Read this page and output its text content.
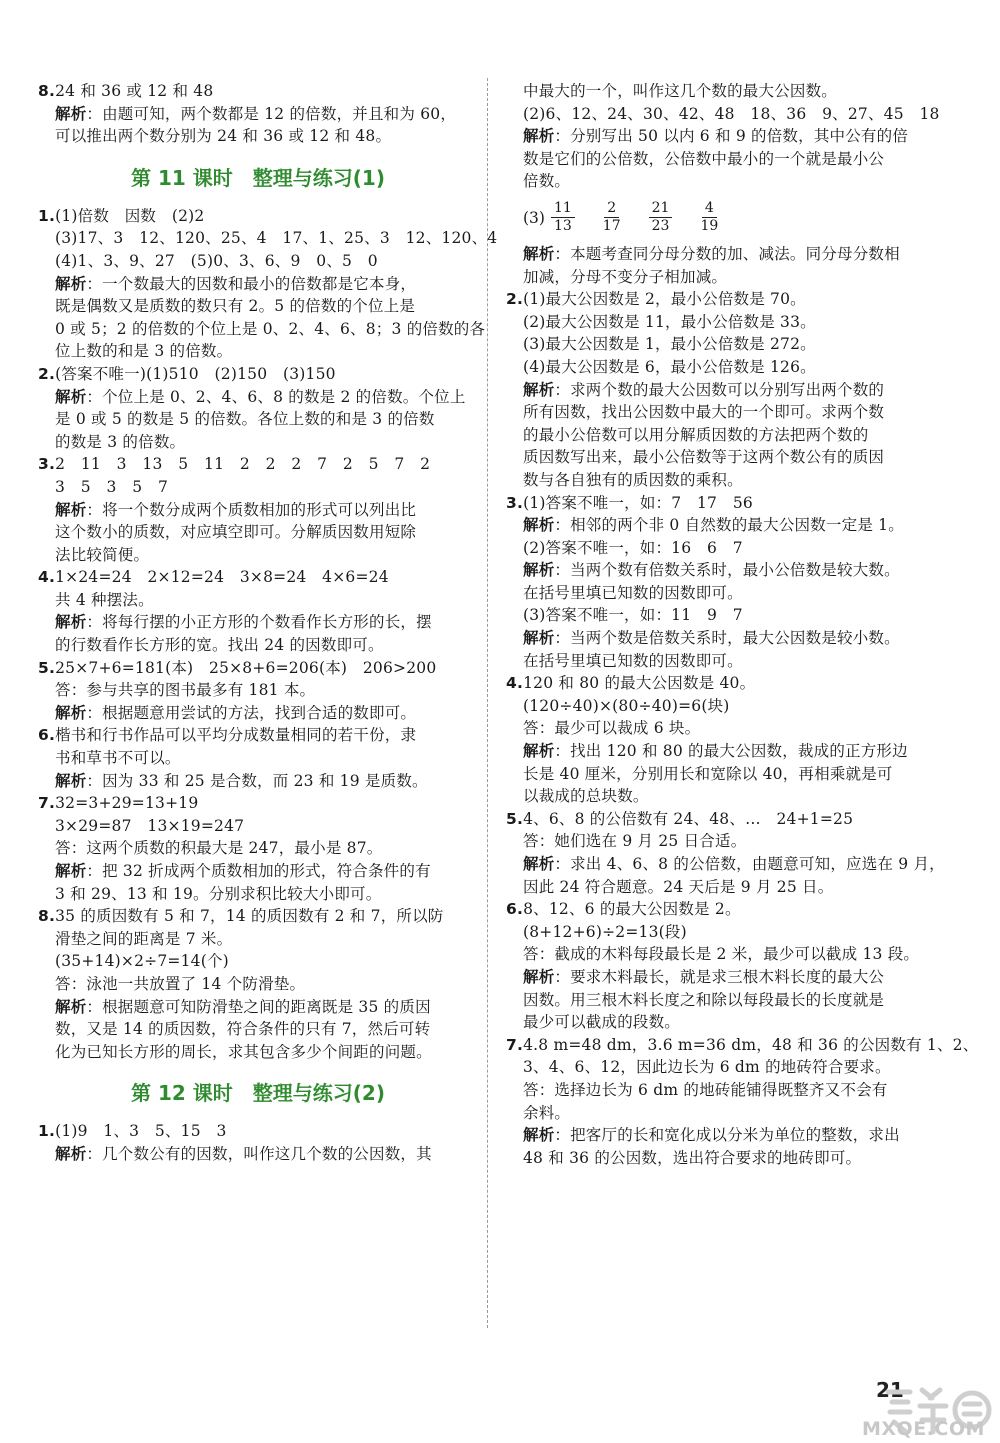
8.24 和 36 或 12 和 48
解析：由题可知，两个数都是 12 的倍数，并且和为 60，
可以推出两个数分别为 24 和 36 或 12 和 48。
第 11 课时　整理与练习(1)
1.(1)倍数　因数　(2)2
(3)17、3　12、120、25、4　17、1、25、3　12、120、4
(4)1、3、9、27　(5)0、3、6、9　0、5　0
解析：一个数最大的因数和最小的倍数都是它本身，
既是偶数又是质数的数只有 2。5 的倍数的个位上是
0 或 5；2 的倍数的个位上是 0、2、4、6、8；3 的倍数的各
位上数的和是 3 的倍数。
2.(答案不唯一)(1)510　(2)150　(3)150
解析：个位上是 0、2、4、6、8 的数是 2 的倍数。个位上
是 0 或 5 的数是 5 的倍数。各位上数的和是 3 的倍数
的数是 3 的倍数。
3.2　11　3　13　5　11　2　2　2　7　2　5　7　2
3　5　3　5　7
解析：将一个数分成两个质数相加的形式可以列出比
这个数小的质数，对应填空即可。分解质因数用短除
法比较简便。
4.1×24=24　2×12=24　3×8=24　4×6=24
共 4 种摆法。
解析：将每行摆的小正方形的个数看作长方形的长，摆
的行数看作长方形的宽。找出 24 的因数即可。
5.25×7+6=181(本)　25×8+6=206(本)　206>200
答：参与共享的图书最多有 181 本。
解析：根据题意用尝试的方法，找到合适的数即可。
6.楷书和行书作品可以平均分成数量相同的若干份，隶
书和草书不可以。
解析：因为 33 和 25 是合数，而 23 和 19 是质数。
7.32=3+29=13+19
3×29=87　13×19=247
答：这两个质数的积最大是 247，最小是 87。
解析：把 32 折成两个质数相加的形式，符合条件的有
3 和 29、13 和 19。分别求积比较大小即可。
8.35 的质因数有 5 和 7，14 的质因数有 2 和 7，所以防
滑垫之间的距离是 7 米。
(35+14)×2÷7=14(个)
答：泳池一共放置了 14 个防滑垫。
解析：根据题意可知防滑垫之间的距离既是 35 的质因
数，又是 14 的质因数，符合条件的只有 7，然后可转
化为已知长方形的周长，求其包含多少个间距的问题。
第 12 课时　整理与练习(2)
1.(1)9　1、3　5、15　3
解析：几个数公有的因数，叫作这几个数的公因数，其
中最大的一个，叫作这几个数的最大公因数。
(2)6、12、24、30、42、48　18、36　9、27、45　18
解析：分别写出 50 以内 6 和 9 的倍数，其中公有的倍
数是它们的公倍数，公倍数中最小的一个就是最小公
倍数。
$(3) \frac{11}{13} \frac{2}{17} \frac{21}{23} \frac{4}{19}$
解析：本题考查同分母分数的加、减法。同分母分数相
加减，分母不变分子相加减。
2.(1)最大公因数是 2，最小公倍数是 70。
(2)最大公因数是 11，最小公倍数是 33。
(3)最大公因数是 1，最小公倍数是 272。
(4)最大公因数是 6，最小公倍数是 126。
解析：求两个数的最大公因数可以分别写出两个数的
所有因数，找出公因数中最大的一个即可。求两个数
的最小公倍数可以用分解质因数的方法把两个数的
质因数写出来，最小公倍数等于这两个数公有的质因
数与各自独有的质因数的乘积。
3.(1)答案不唯一，如：7　17　56
解析：相邻的两个非 0 自然数的最大公因数一定是 1。
(2)答案不唯一，如：16　6　7
解析：当两个数有倍数关系时，最小公倍数是较大数。
在括号里填已知数的因数即可。
(3)答案不唯一，如：11　9　7
解析：当两个数是倍数关系时，最大公因数是较小数。
在括号里填已知数的因数即可。
4.120 和 80 的最大公因数是 40。
(120÷40)×(80÷40)=6(块)
答：最少可以裁成 6 块。
解析：找出 120 和 80 的最大公因数，裁成的正方形边
长是 40 厘米，分别用长和宽除以 40，再相乘就是可
以裁成的总块数。
5.4、6、8 的公倍数有 24、48、…　24+1=25
答：她们选在 9 月 25 日合适。
解析：求出 4、6、8 的公倍数，由题意可知，应选在 9 月，
因此 24 符合题意。24 天后是 9 月 25 日。
6.8、12、6 的最大公因数是 2。
(8+12+6)÷2=13(段)
答：截成的木料每段最长是 2 米，最少可以截成 13 段。
解析：要求木料最长，就是求三根木料长度的最大公
因数。用三根木料长度之和除以每段最长的长度就是
最少可以截成的段数。
7.4.8 m=48 dm，3.6 m=36 dm，48 和 36 的公因数有 1、2、
3、4、6、12，因此边长为 6 dm 的地砖符合要求。
答：选择边长为 6 dm 的地砖能铺得既整齐又不会有
余料。
解析：把客厅的长和宽化成以分米为单位的整数，求出
48 和 36 的公因数，选出符合要求的地砖即可。
21
MXQE.COM
